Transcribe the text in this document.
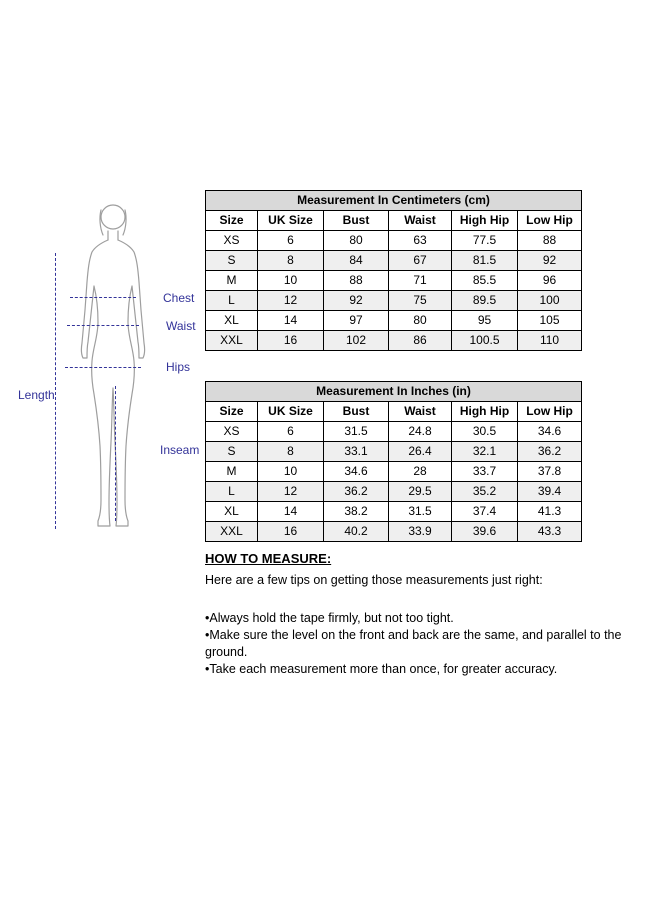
Chest
Waist
Hips
Inseam
Length
Measurement In Centimeters (cm)					
Size	UK Size	Bust	Waist	High Hip	Low Hip
XS	6	80	63	77.5	88
S	8	84	67	81.5	92
M	10	88	71	85.5	96
L	12	92	75	89.5	100
XL	14	97	80	95	105
XXL	16	102	86	100.5	110
Measurement In Inches (in)					
Size	UK Size	Bust	Waist	High Hip	Low Hip
XS	6	31.5	24.8	30.5	34.6
S	8	33.1	26.4	32.1	36.2
M	10	34.6	28	33.7	37.8
L	12	36.2	29.5	35.2	39.4
XL	14	38.2	31.5	37.4	41.3
XXL	16	40.2	33.9	39.6	43.3
HOW TO MEASURE:

Here are a few tips on getting those measurements just right:

• Always hold the tape firmly, but not too tight.
• Make sure the level on the front and back are the same, and parallel to the ground.
• Take each measurement more than once, for greater accuracy.
